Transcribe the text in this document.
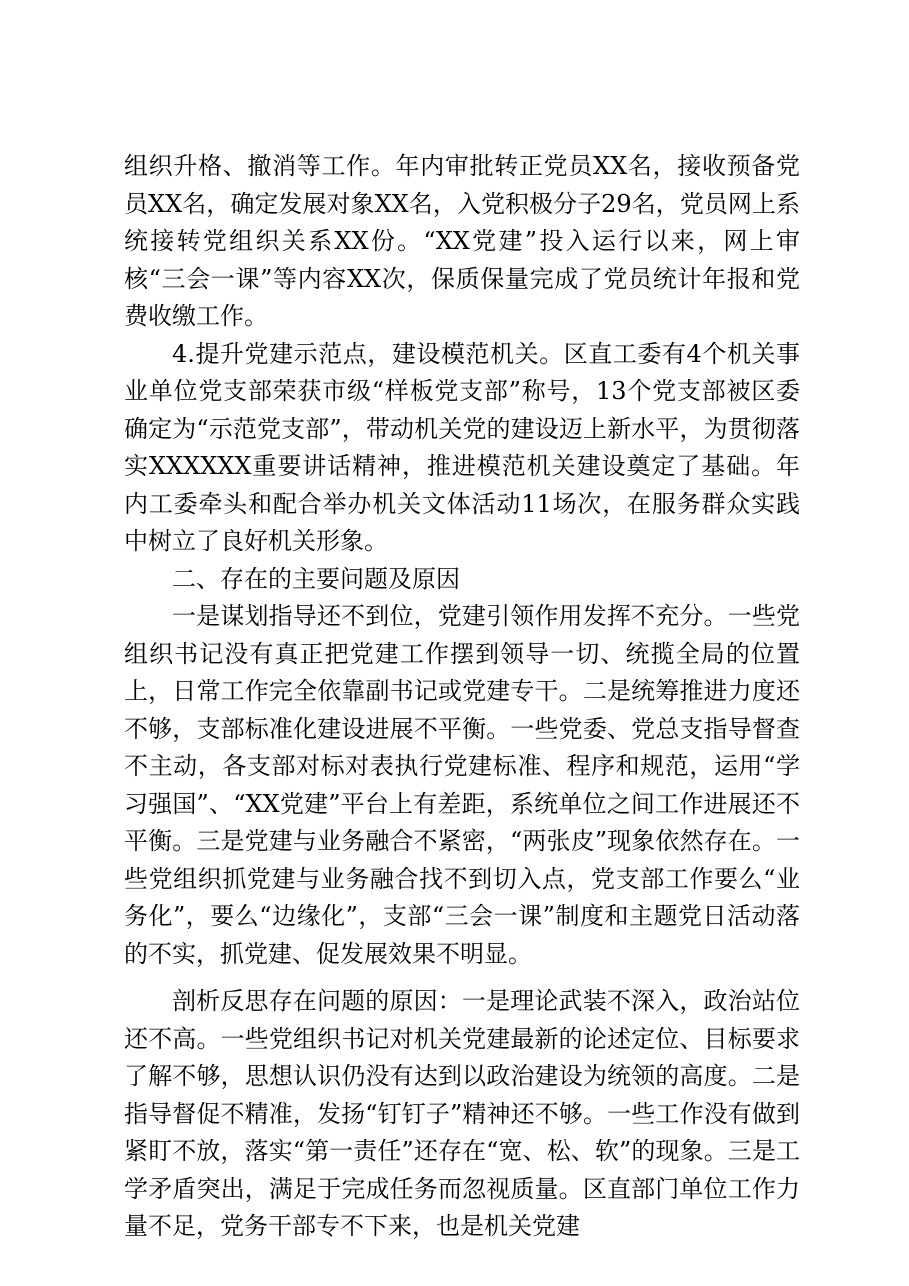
组织升格、撤消等工作。年内审批转正党员XX名，接收预备党员XX名，确定发展对象XX名，入党积极分子29名，党员网上系统接转党组织关系XX份。“XX党建”投入运行以来，网上审核“三会一课”等内容XX次，保质保量完成了党员统计年报和党费收缴工作。

4.提升党建示范点，建设模范机关。区直工委有4个机关事业单位党支部荣获市级“样板党支部”称号，13个党支部被区委确定为“示范党支部”，带动机关党的建设迈上新水平，为贯彻落实XXXXXX重要讲话精神，推进模范机关建设奠定了基础。年内工委牵头和配合举办机关文体活动11场次，在服务群众实践中树立了良好机关形象。

二、存在的主要问题及原因

一是谋划指导还不到位，党建引领作用发挥不充分。一些党组织书记没有真正把党建工作摆到领导一切、统揽全局的位置上，日常工作完全依靠副书记或党建专干。二是统筹推进力度还不够，支部标准化建设进展不平衡。一些党委、党总支指导督查不主动，各支部对标对表执行党建标准、程序和规范，运用“学习强国”、“XX党建”平台上有差距，系统单位之间工作进展还不平衡。三是党建与业务融合不紧密，“两张皮”现象依然存在。一些党组织抓党建与业务融合找不到切入点，党支部工作要么“业务化”，要么“边缘化”，支部“三会一课”制度和主题党日活动落的不实，抓党建、促发展效果不明显。

剖析反思存在问题的原因：一是理论武装不深入，政治站位还不高。一些党组织书记对机关党建最新的论述定位、目标要求了解不够，思想认识仍没有达到以政治建设为统领的高度。二是指导督促不精准，发扬“钉钉子”精神还不够。一些工作没有做到紧盯不放，落实“第一责任”还存在“宽、松、软”的现象。三是工学矛盾突出，满足于完成任务而忽视质量。区直部门单位工作力量不足，党务干部专不下来，也是机关党建
